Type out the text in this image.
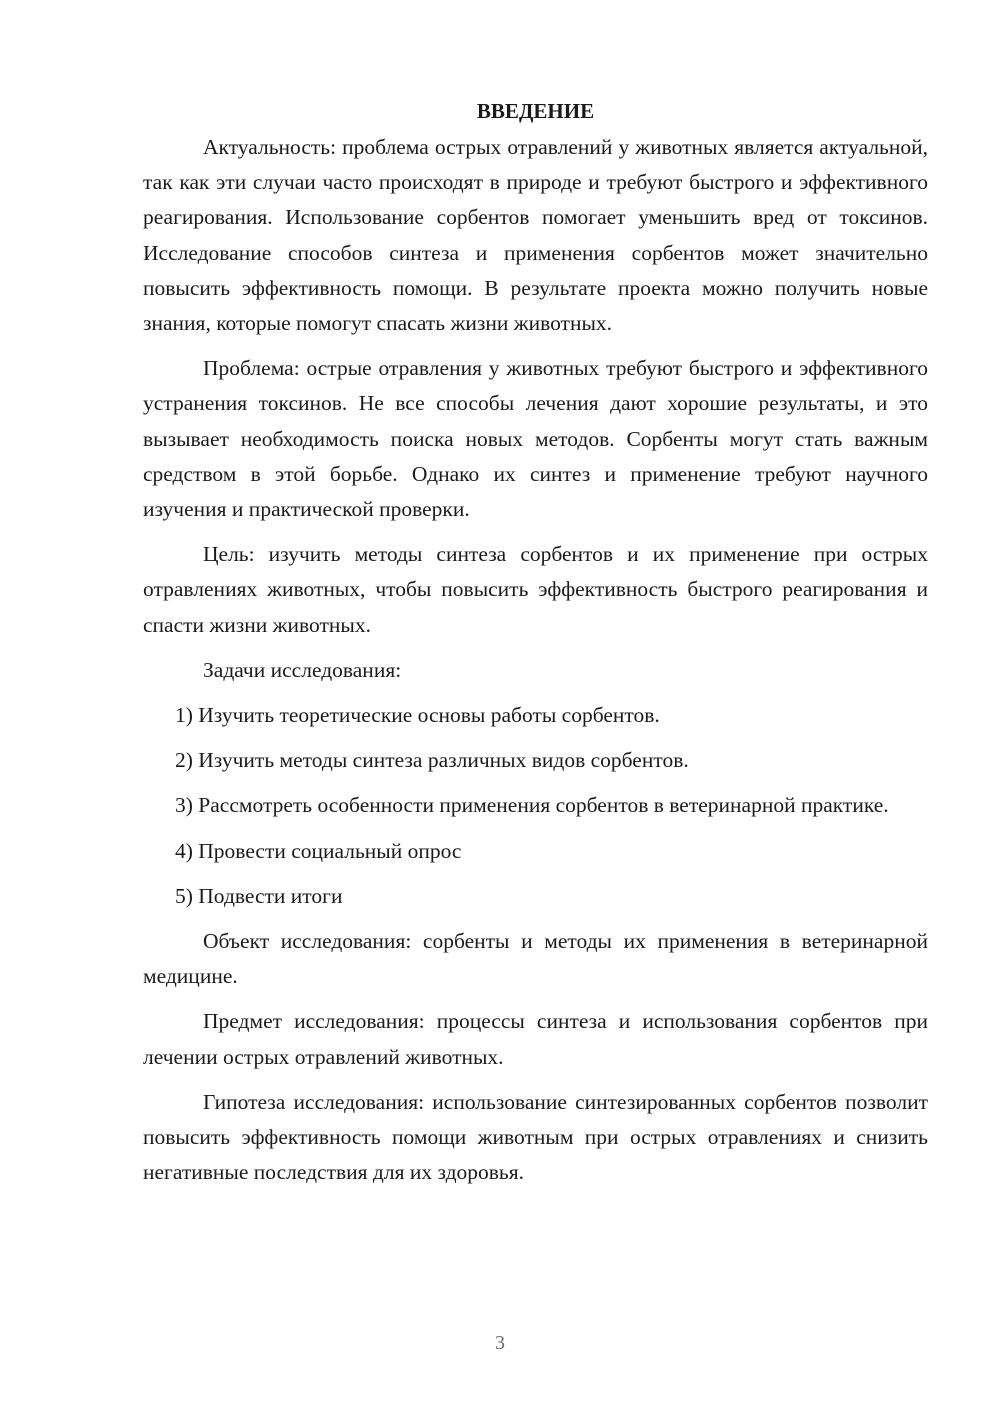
ВВЕДЕНИЕ

Актуальность: проблема острых отравлений у животных является актуальной, так как эти случаи часто происходят в природе и требуют быстрого и эффективного реагирования. Использование сорбентов помогает уменьшить вред от токсинов. Исследование способов синтеза и применения сорбентов может значительно повысить эффективность помощи. В результате проекта можно получить новые знания, которые помогут спасать жизни животных.

Проблема: острые отравления у животных требуют быстрого и эффективного устранения токсинов. Не все способы лечения дают хорошие результаты, и это вызывает необходимость поиска новых методов. Сорбенты могут стать важным средством в этой борьбе. Однако их синтез и применение требуют научного изучения и практической проверки.

Цель: изучить методы синтеза сорбентов и их применение при острых отравлениях животных, чтобы повысить эффективность быстрого реагирования и спасти жизни животных.

Задачи исследования:

1) Изучить теоретические основы работы сорбентов.

2) Изучить методы синтеза различных видов сорбентов.

3) Рассмотреть особенности применения сорбентов в ветеринарной практике.

4) Провести социальный опрос

5) Подвести итоги

Объект исследования: сорбенты и методы их применения в ветеринарной медицине.

Предмет исследования: процессы синтеза и использования сорбентов при лечении острых отравлений животных.

Гипотеза исследования: использование синтезированных сорбентов позволит повысить эффективность помощи животным при острых отравлениях и снизить негативные последствия для их здоровья.

3
